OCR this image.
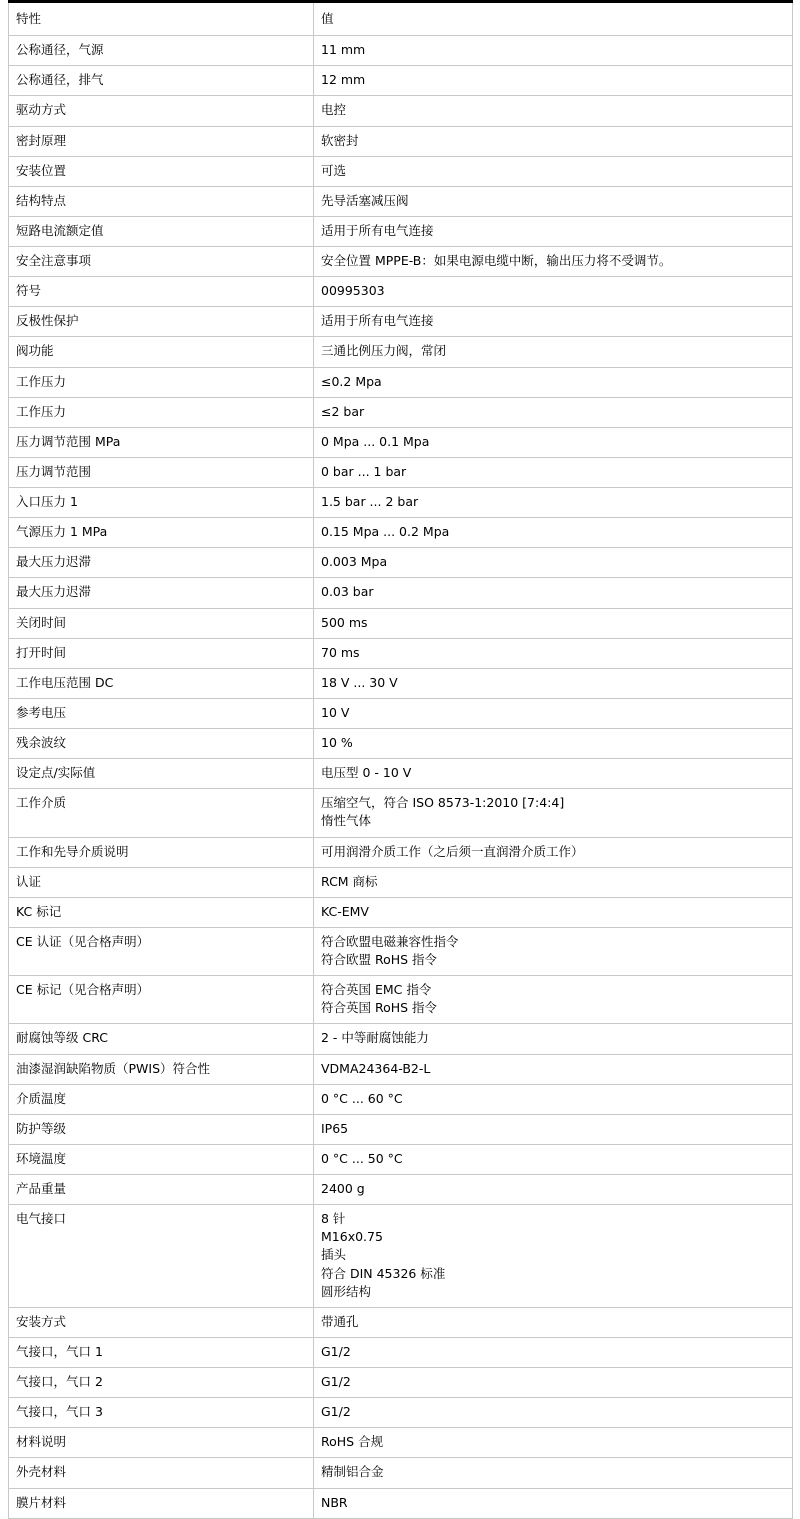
特性	值
公称通径，气源	11 mm

公称通径，排气	12 mm

驱动方式	电控

密封原理	软密封

安装位置	可选

结构特点	先导活塞减压阀

短路电流额定值	适用于所有电气连接

安全注意事项	安全位置 MPPE-B：如果电源电缆中断，输出压力将不受调节。

符号	00995303

反极性保护	适用于所有电气连接

阀功能	三通比例压力阀，常闭

工作压力	≤0.2 Mpa

工作压力	≤2 bar

压力调节范围 MPa	0 Mpa ... 0.1 Mpa

压力调节范围	0 bar ... 1 bar

入口压力 1	1.5 bar ... 2 bar

气源压力 1 MPa	0.15 Mpa ... 0.2 Mpa

最大压力迟滞	0.003 Mpa

最大压力迟滞	0.03 bar

关闭时间	500 ms

打开时间	70 ms

工作电压范围 DC	18 V ... 30 V

参考电压	10 V

残余波纹	10 %

设定点/实际值	电压型 0 - 10 V

工作介质	压缩空气，符合 ISO 8573-1:2010 [7:4:4]
惰性气体

工作和先导介质说明	可用润滑介质工作（之后须一直润滑介质工作）

认证	RCM 商标

KC 标记	KC-EMV

CE 认证（见合格声明）	符合欧盟电磁兼容性指令
符合欧盟 RoHS 指令

CE 标记（见合格声明）	符合英国 EMC 指令
符合英国 RoHS 指令

耐腐蚀等级 CRC	2 - 中等耐腐蚀能力

油漆湿润缺陷物质（PWIS）符合性	VDMA24364-B2-L

介质温度	0 °C ... 60 °C

防护等级	IP65

环境温度	0 °C ... 50 °C

产品重量	2400 g

电气接口	8 针
M16x0.75
插头
符合 DIN 45326 标准
圆形结构

安装方式	带通孔

气接口，气口 1	G1/2

气接口，气口 2	G1/2

气接口，气口 3	G1/2

材料说明	RoHS 合规

外壳材料	精制铝合金

膜片材料	NBR
